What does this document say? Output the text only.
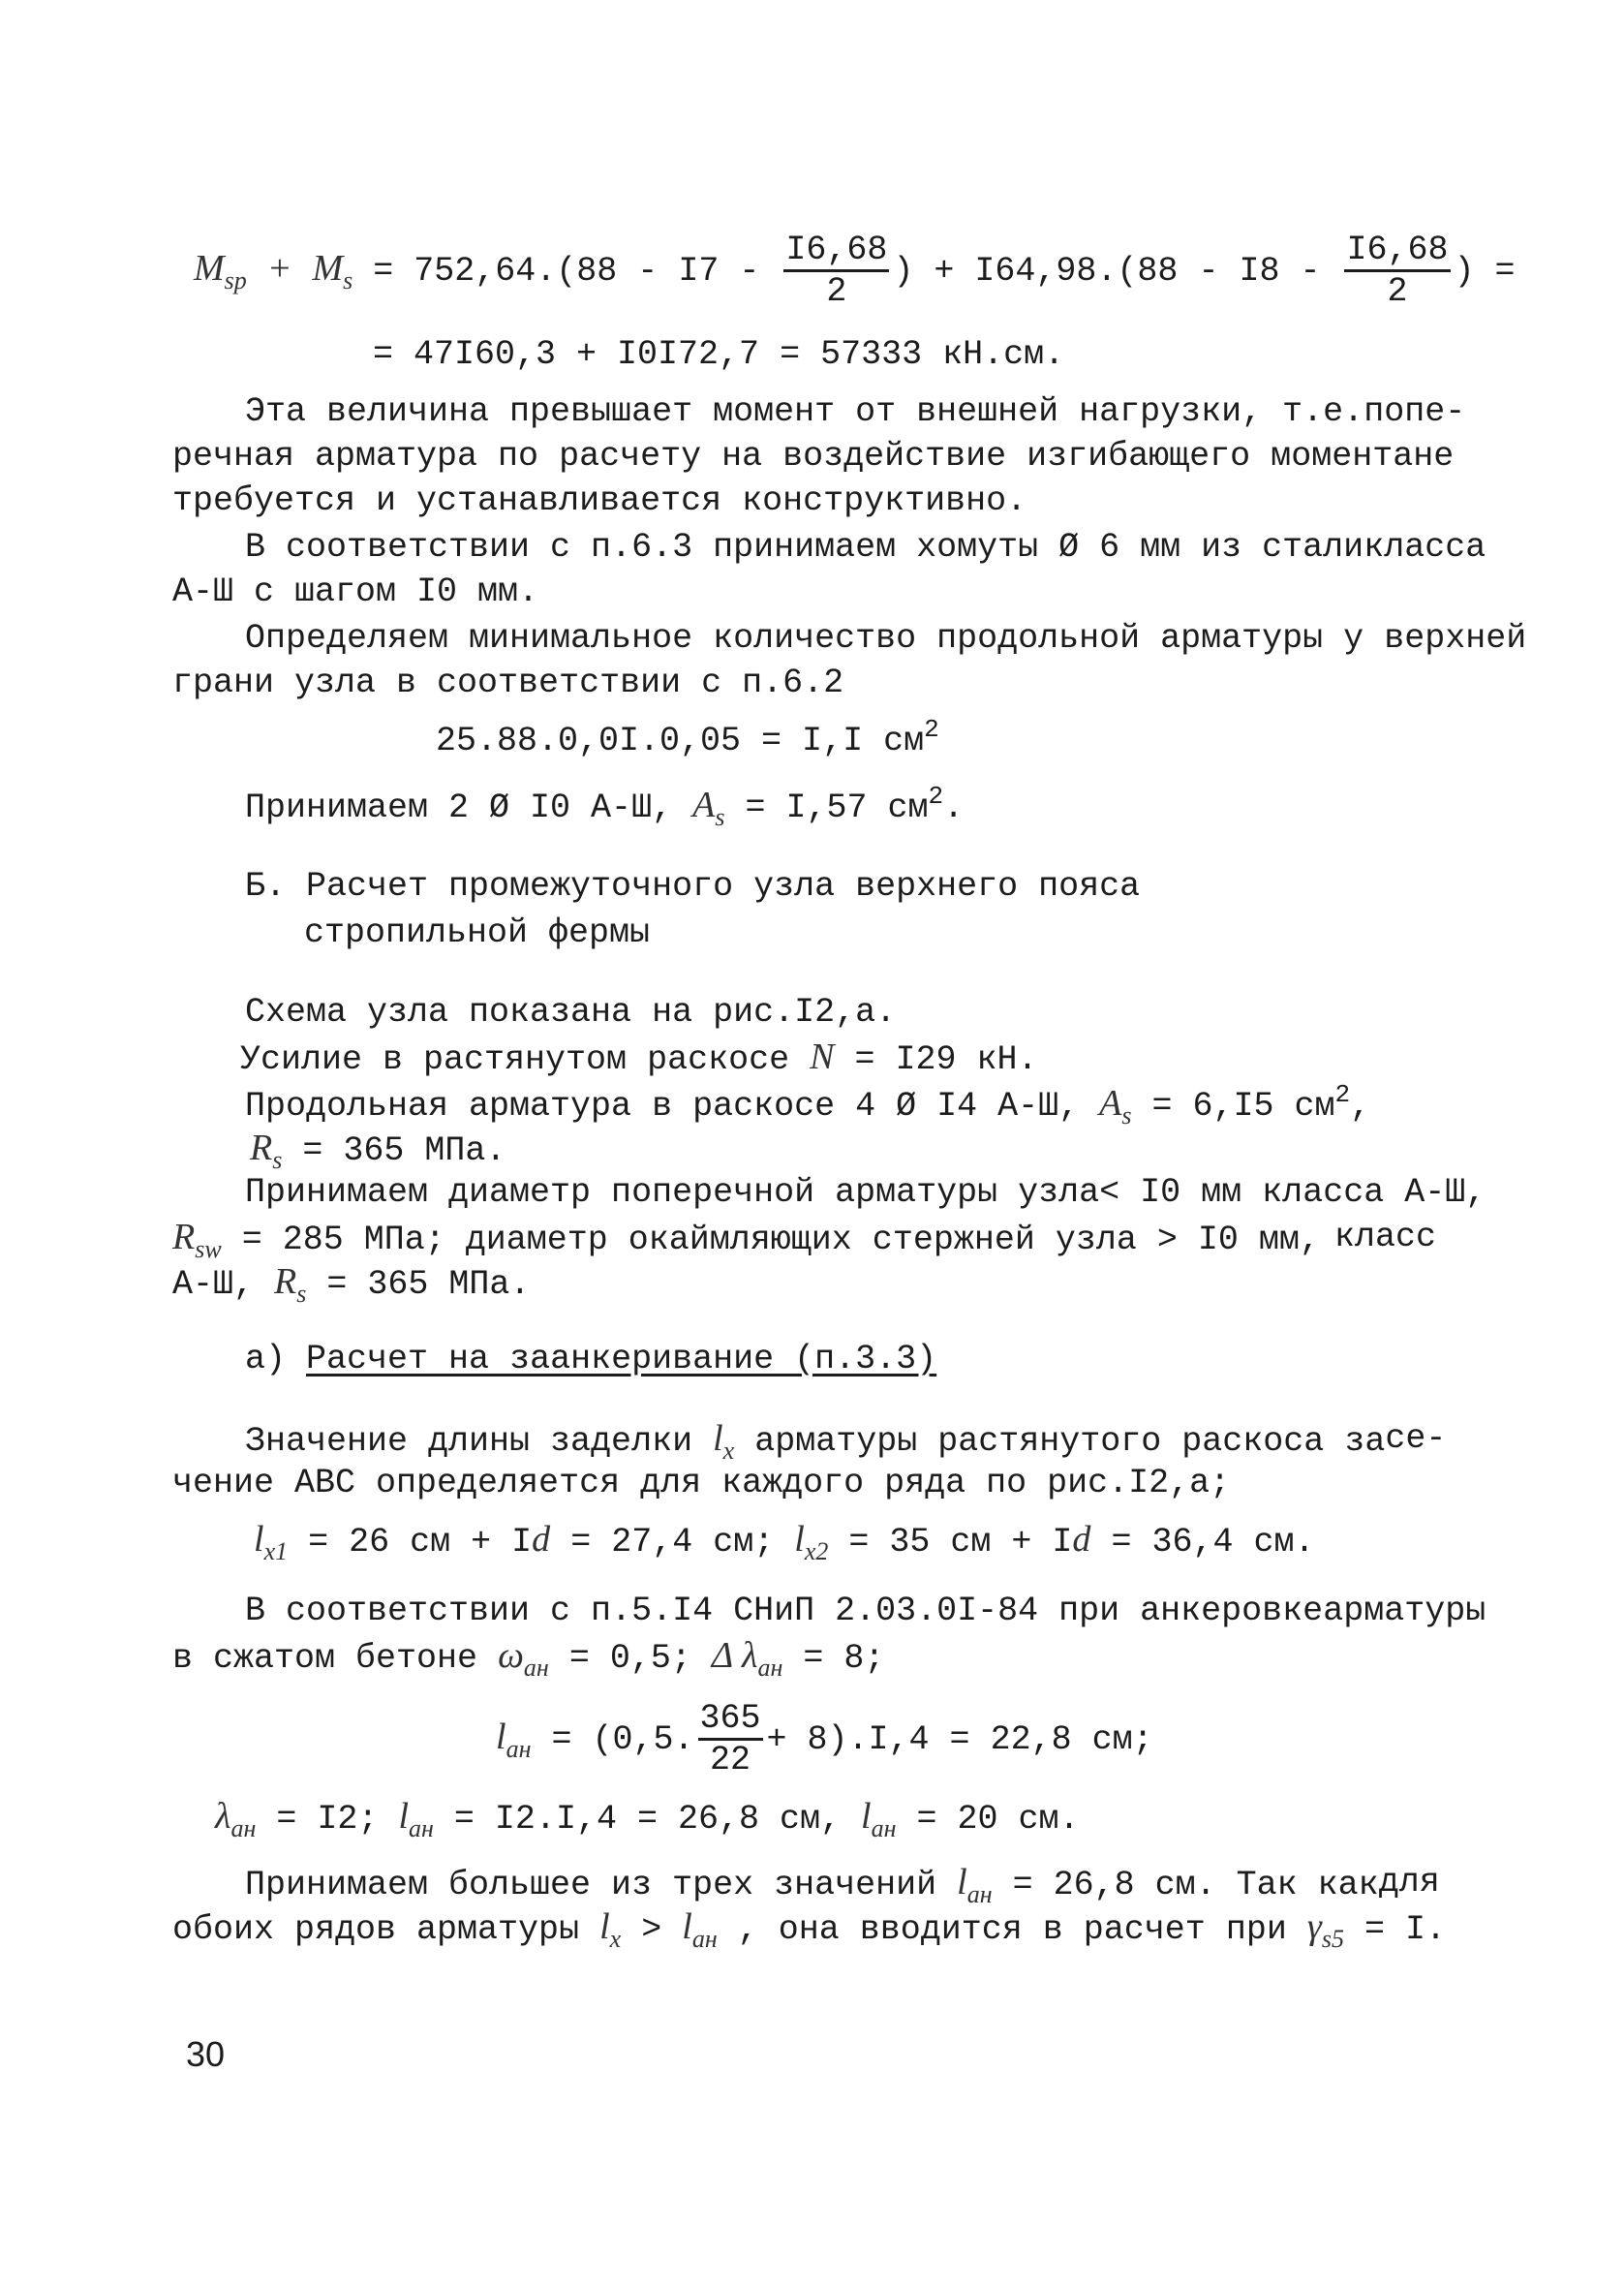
$M_{sp} + M_s = 752,64.(88 - I7 - \frac{I6,68}{2}$ ) + $I64,98.(88 - I8 - \frac{I6,68}{2}$ ) =
= 47I60,3 + I0I72,7 = 57333 кН.см.
Эта величина превышает момент от внешней нагрузки, т.е. попе-
речная арматура по расчету на воздействие изгибающего момента не
требуется и устанавливается конструктивно.
В соответствии с п.6.3 принимаем хомуты Ø 6 мм из стали класса
А-Ш с шагом I0 мм.
Определяем минимальное количество продольной арматуры у верхней
грани узла в соответствии с п.6.2
25.88.0,0I.0,05 = I,I $см^2$
Принимаем 2 Ø I0 А-Ш, $A_s = I,57$ $см^2$.
Б. Расчет промежуточного узла верхнего пояса
стропильной фермы
Схема узла показана на рис.I2,а.
Усилие в растянутом раскосе N = I29 кН.
Продольная арматура в раскосе 4 Ø I4 А-Ш, $A_s = 6,I5$ $см^2$,
$R_s = 365$ МПа.
Принимаем диаметр поперечной арматуры узла < I0 мм класса А-Ш,
$R_{sw} = 285$ МПа; диаметр окаймляющих стержней узла > I0 мм, класс
А-Ш, $R_s = 365$ МПа.
а) Расчет на заанкеривание (п.3.3)
Значение длины заделки $l_x$ арматуры растянутого раскоса за се-
чение АВС определяется для каждого ряда по рис.I2,а;
$l_{x1} = 26$ см + Id = 27,4 см; $l_{x2} = 35$ см + Id = 36,4 см.
В соответствии с п.5.I4 СНиП 2.03.0I-84 при анкеровке арматуры
в сжатом бетоне $\omega_{ан} = 0,5$; Δ $\lambda_{ан} = 8$;
$l_{ан} = (0,5$. $\frac{365}{22} + 8).I,4 = 22,8$ см;
$\lambda_{ан} = I2$; $l_{ан} = I2.I,4 = 26,8$ см, $l_{ан} = 20$ см.
Принимаем большее из трех значений $l_{ан} = 26,8$ см. Так как для
обоих рядов арматуры $l_x > l_{ан}$ , она вводится в расчет при $\gamma_{s5} = I$.
30
